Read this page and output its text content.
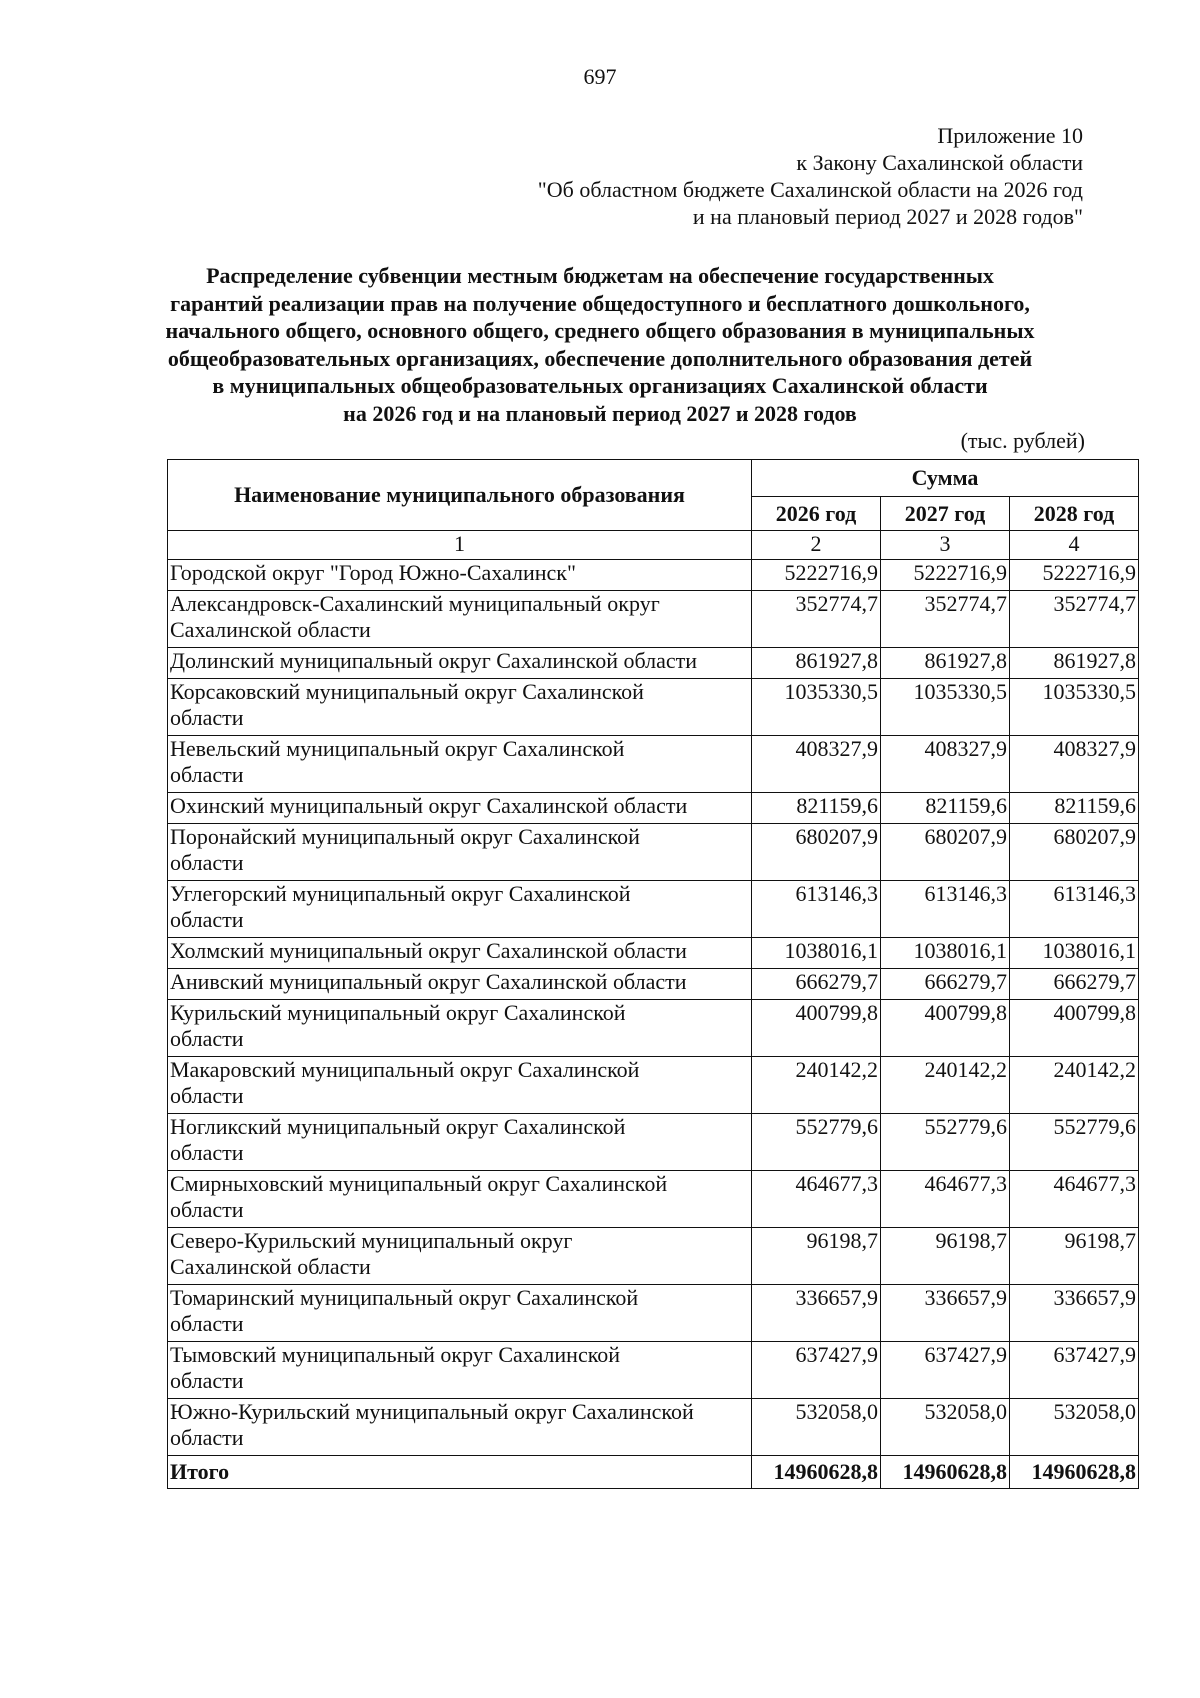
697
Приложение 10
к Закону Сахалинской области
"Об областном бюджете Сахалинской области на 2026 год
и на плановый период 2027 и 2028 годов"
Распределение субвенции местным бюджетам на обеспечение государственных
гарантий реализации прав на получение общедоступного и бесплатного дошкольного,
начального общего, основного общего, среднего общего образования в муниципальных
общеобразовательных организациях, обеспечение дополнительного образования детей
в муниципальных общеобразовательных организациях Сахалинской области
на 2026 год и на плановый период 2027 и 2028 годов
(тыс. рублей)
Наименование муниципального образования	Сумма		
	2026 год	2027 год	2028 год
1	2	3	4

Городской округ "Город Южно-Сахалинск"	5222716,9	5222716,9	5222716,9

Александровск-Сахалинский муниципальный округ
Сахалинской области	352774,7	352774,7	352774,7

Долинский муниципальный округ Сахалинской области	861927,8	861927,8	861927,8

Корсаковский муниципальный округ Сахалинской
области	1035330,5	1035330,5	1035330,5

Невельский муниципальный округ Сахалинской
области	408327,9	408327,9	408327,9

Охинский муниципальный округ Сахалинской области	821159,6	821159,6	821159,6

Поронайский муниципальный округ Сахалинской
области	680207,9	680207,9	680207,9

Углегорский муниципальный округ Сахалинской
области	613146,3	613146,3	613146,3

Холмский муниципальный округ Сахалинской области	1038016,1	1038016,1	1038016,1

Анивский муниципальный округ Сахалинской области	666279,7	666279,7	666279,7

Курильский муниципальный округ Сахалинской
области	400799,8	400799,8	400799,8

Макаровский муниципальный округ Сахалинской
области	240142,2	240142,2	240142,2

Ногликский муниципальный округ Сахалинской
области	552779,6	552779,6	552779,6

Смирныховский муниципальный округ Сахалинской
области	464677,3	464677,3	464677,3

Северо-Курильский муниципальный округ
Сахалинской области	96198,7	96198,7	96198,7

Томаринский муниципальный округ Сахалинской
области	336657,9	336657,9	336657,9

Тымовский муниципальный округ Сахалинской
области	637427,9	637427,9	637427,9

Южно-Курильский муниципальный округ Сахалинской
области	532058,0	532058,0	532058,0
Итого	14960628,8	14960628,8	14960628,8
